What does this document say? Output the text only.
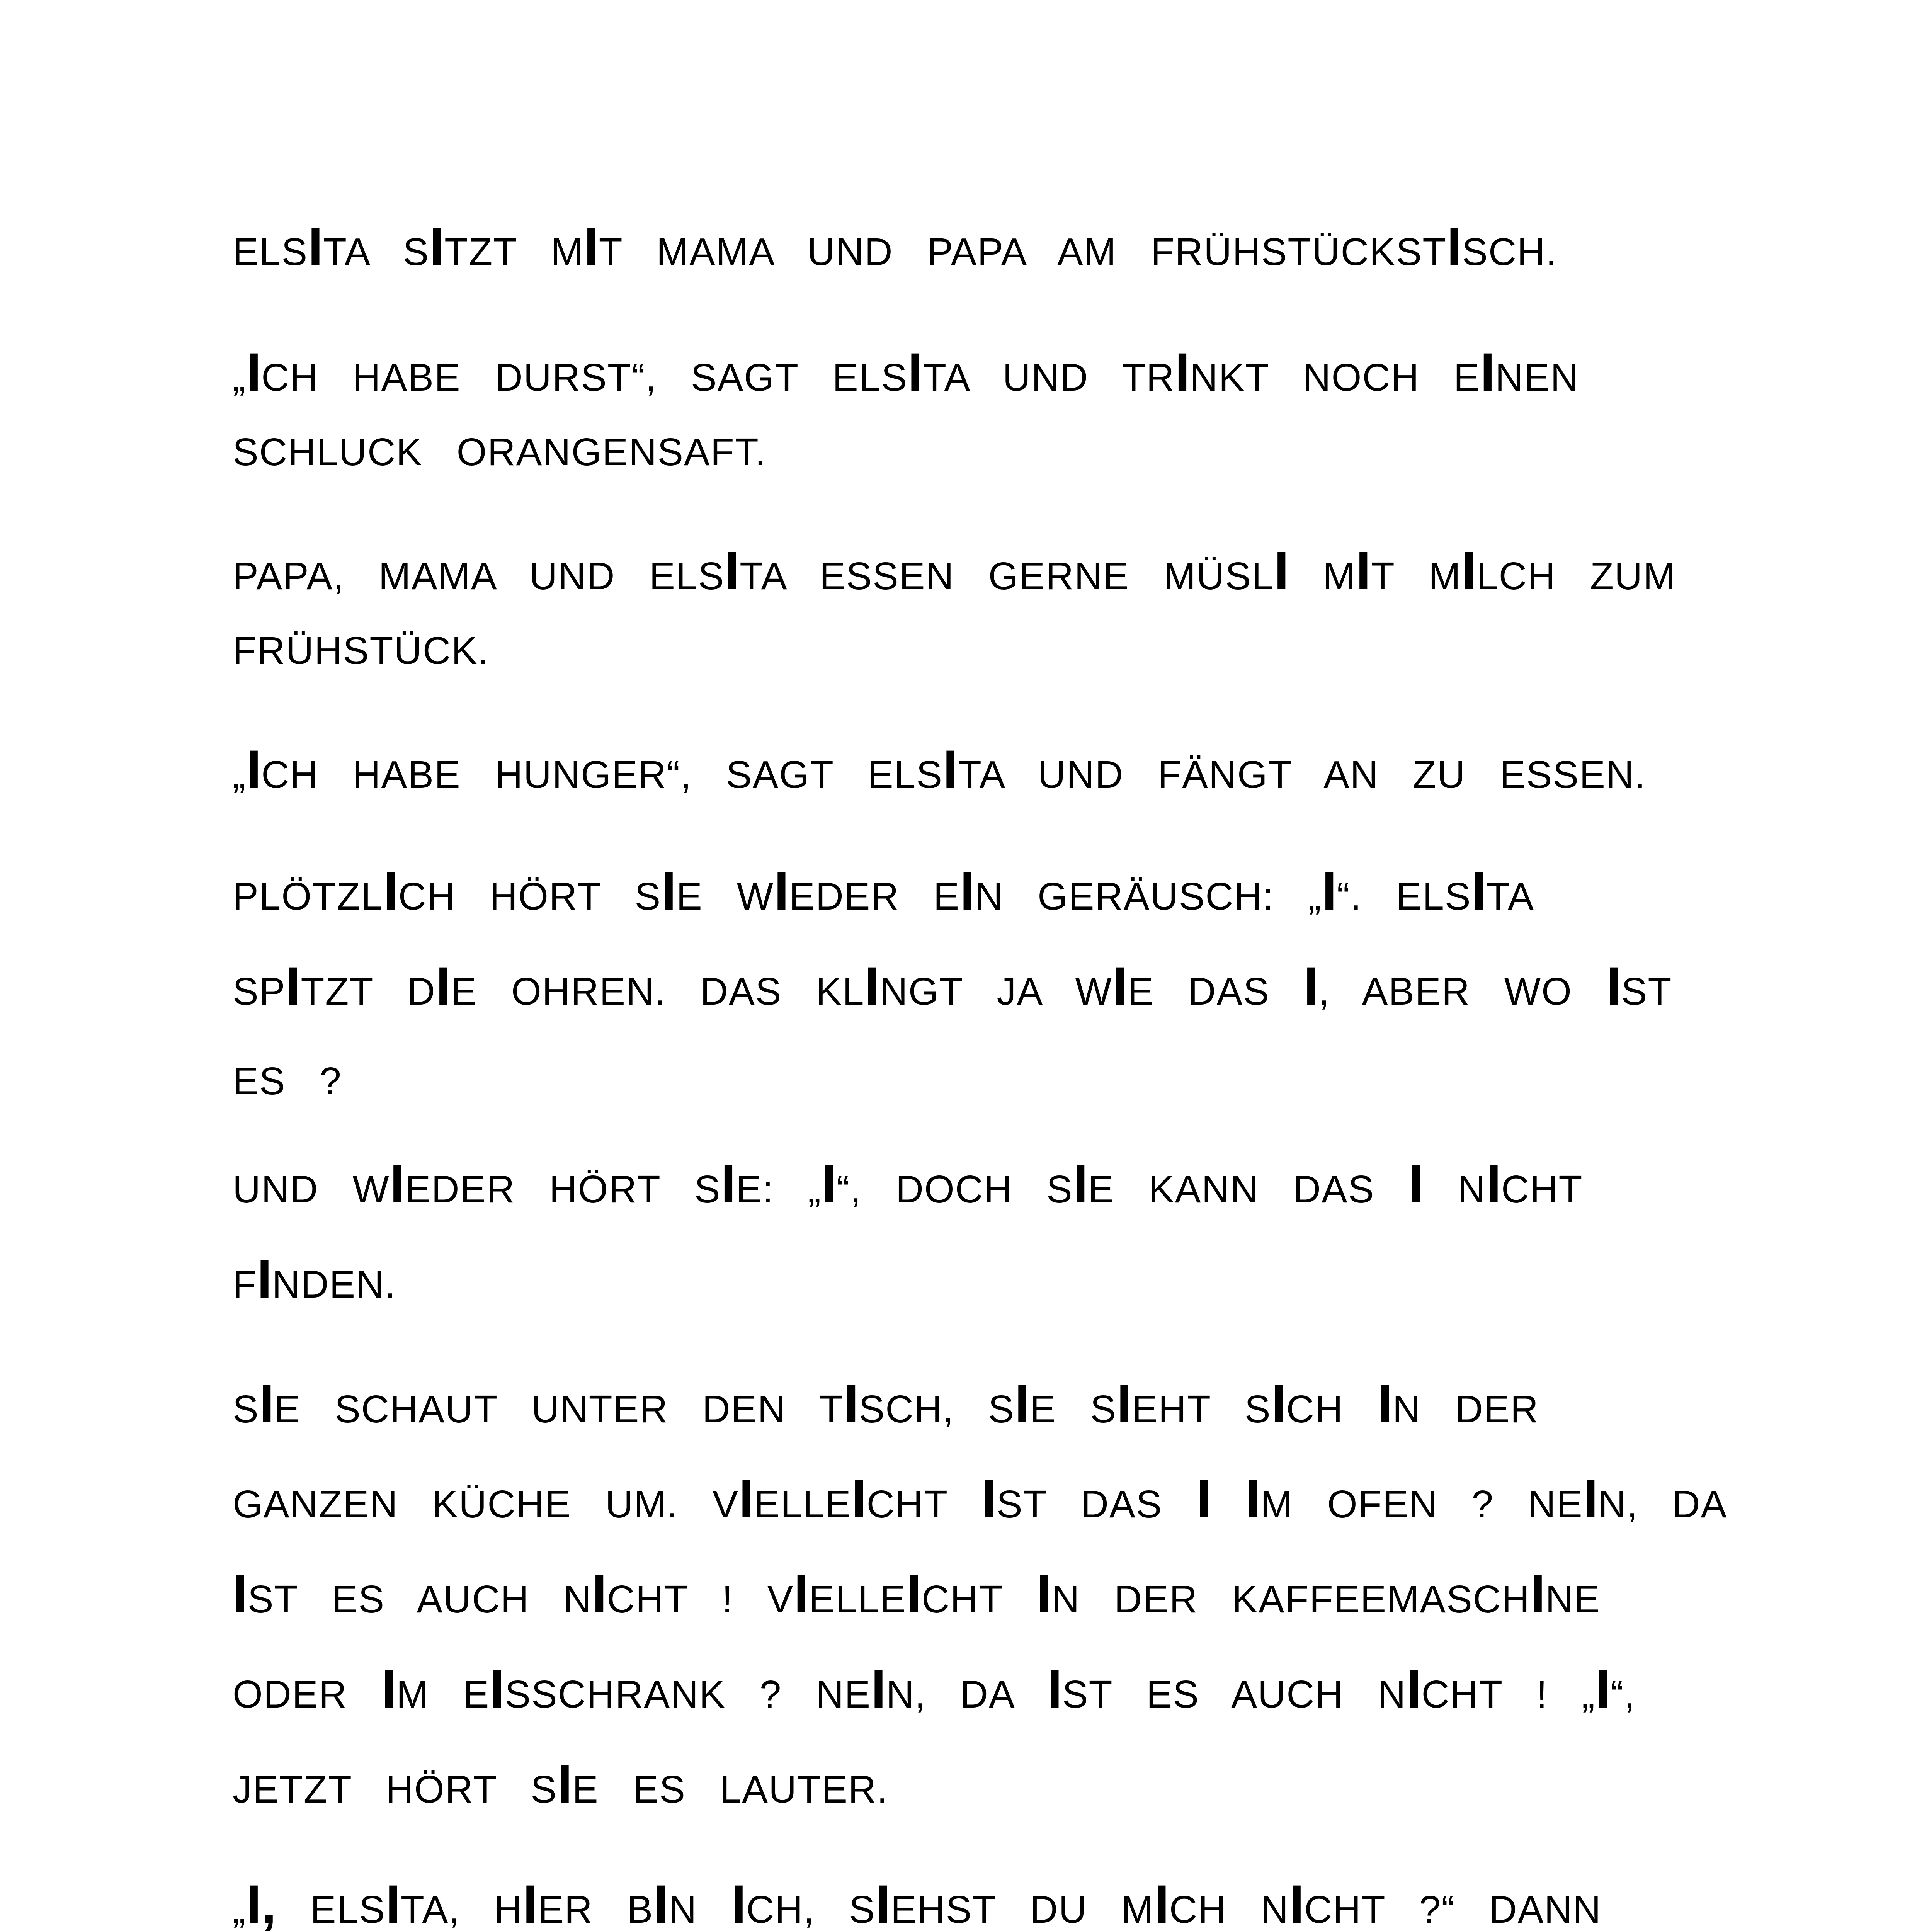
ELSITA SITZT MIT MAMA UND PAPA AM FRÜHSTÜCKSTISCH.
„ICH HABE DURST“, SAGT ELSITA UND TRINKT NOCH EINEN
SCHLUCK ORANGENSAFT.
PAPA, MAMA UND ELSITA ESSEN GERNE MÜSLI MIT MILCH ZUM
FRÜHSTÜCK.
„ICH HABE HUNGER“, SAGT ELSITA UND FÄNGT AN ZU ESSEN.
PLÖTZLICH HÖRT SIE WIEDER EIN GERÄUSCH: „I“. ELSITA
SPITZT DIE OHREN. DAS KLINGT JA WIE DAS I, ABER WO IST
ES ?
UND WIEDER HÖRT SIE: „I“, DOCH SIE KANN DAS I NICHT
FINDEN.
SIE SCHAUT UNTER DEN TISCH, SIE SIEHT SICH IN DER
GANZEN KÜCHE UM. VIELLEICHT IST DAS I IM OFEN ? NEIN, DA
IST ES AUCH NICHT ! VIELLEICHT IN DER KAFFEEMASCHINE
ODER IM EISSCHRANK ? NEIN, DA IST ES AUCH NICHT ! „I“,
JETZT HÖRT SIE ES LAUTER.
„I, ELSITA, HIER BIN ICH, SIEHST DU MICH NICHT ?“ DANN
